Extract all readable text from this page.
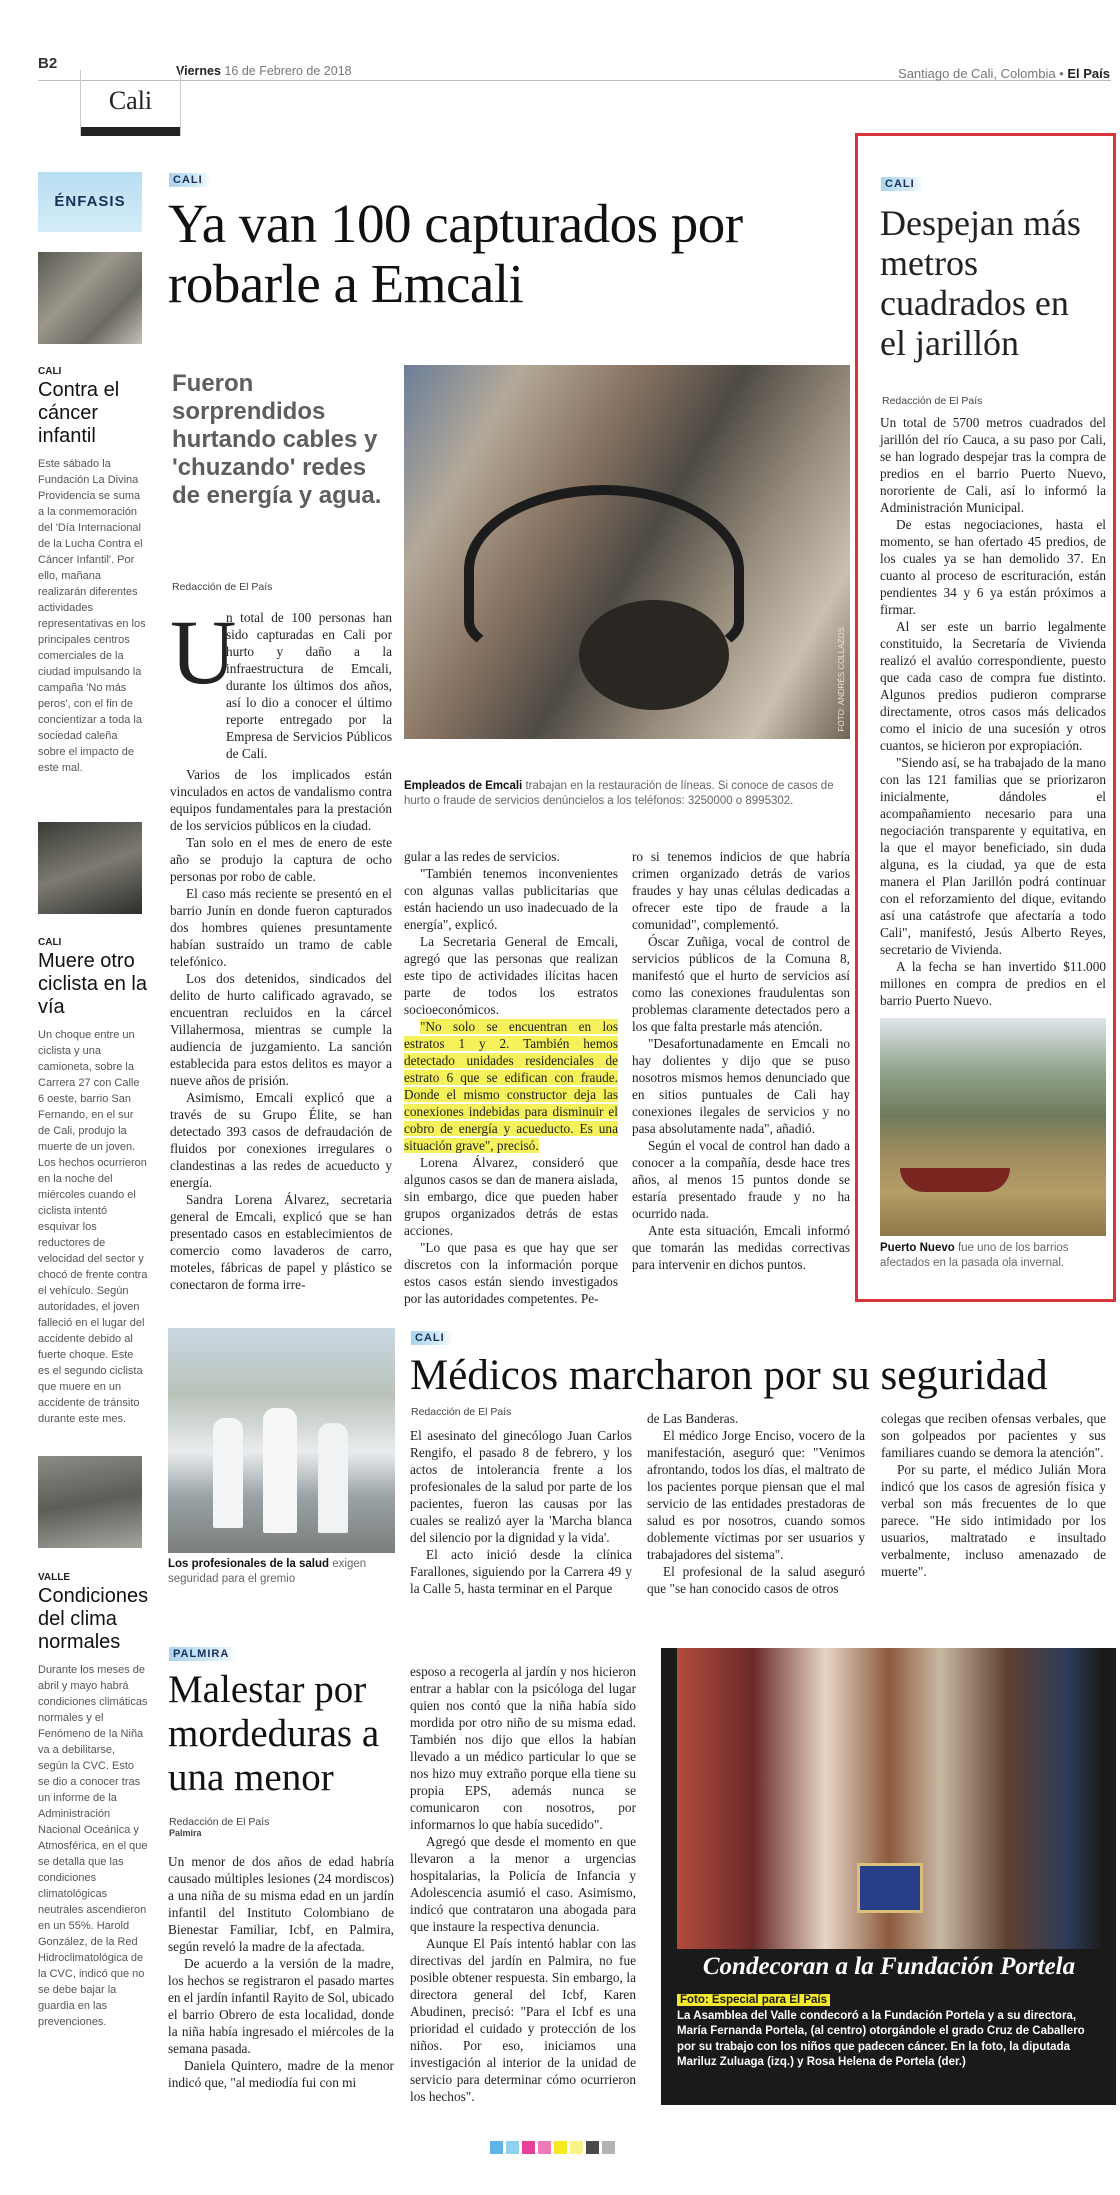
B2	Viernes 16 de Febrero de 2018	Santiago de Cali, Colombia • El País
Cali
ÉNFASIS
CALI
Contra el cáncer infantil
Este sábado la Fundación La Divina Providencia se suma a la conmemoración del 'Día Internacional de la Lucha Contra el Cáncer Infantil'. Por ello, mañana realizarán diferentes actividades representativas en los principales centros comerciales de la ciudad impulsando la campaña 'No más peros', con el fin de concientizar a toda la sociedad caleña sobre el impacto de este mal.
CALI
Muere otro ciclista en la vía
Un choque entre un ciclista y una camioneta, sobre la Carrera 27 con Calle 6 oeste, barrio San Fernando, en el sur de Cali, produjo la muerte de un joven. Los hechos ocurrieron en la noche del miércoles cuando el ciclista intentó esquivar los reductores de velocidad del sector y chocó de frente contra el vehículo. Según autoridades, el joven falleció en el lugar del accidente debido al fuerte choque. Este es el segundo ciclista que muere en un accidente de tránsito durante este mes.
VALLE
Condiciones del clima normales
Durante los meses de abril y mayo habrá condiciones climáticas normales y el Fenómeno de la Niña va a debilitarse, según la CVC. Esto se dio a conocer tras un informe de la Administración Nacional Oceánica y Atmosférica, en el que se detalla que las condiciones climatológicas neutrales ascendieron en un 55%. Harold González, de la Red Hidroclimatológica de la CVC, indicó que no se debe bajar la guardia en las prevenciones.
CALI
Ya van 100 capturados por robarle a Emcali
Fueron sorprendidos hurtando cables y 'chuzando' redes de energía y agua.
Redacción de El País
FOTO: ANDRÉS COLLAZOS
Empleados de Emcali trabajan en la restauración de líneas. Si conoce de casos de hurto o fraude de servicios denúncielos a los teléfonos: 3250000 o 8995302.
U

n total de 100 personas han sido capturadas en Cali por hurto y daño a la infraestructura de Emcali, durante los últimos dos años, así lo dio a conocer el último reporte entregado por la Empresa de Servicios Públicos de Cali.

Varios de los implicados están vinculados en actos de vandalismo contra equipos fundamentales para la prestación de los servicios públicos en la ciudad.

Tan solo en el mes de enero de este año se produjo la captura de ocho personas por robo de cable.

El caso más reciente se presentó en el barrio Junín en donde fueron capturados dos hombres quienes presuntamente habían sustraído un tramo de cable telefónico.

Los dos detenidos, sindicados del delito de hurto calificado agravado, se encuentran recluidos en la cárcel Villahermosa, mientras se cumple la audiencia de juzgamiento. La sanción establecida para estos delitos es mayor a nueve años de prisión.

Asimismo, Emcali explicó que a través de su Grupo Élite, se han detectado 393 casos de defraudación de fluidos por conexiones irregulares o clandestinas a las redes de acueducto y energía.

Sandra Lorena Álvarez, secretaria general de Emcali, explicó que se han presentado casos en establecimientos de comercio como lavaderos de carro, moteles, fábricas de papel y plástico se conectaron de forma irre-

gular a las redes de servicios.

"También tenemos inconvenientes con algunas vallas publicitarias que están haciendo un uso inadecuado de la energía", explicó.

La Secretaria General de Emcali, agregó que las personas que realizan este tipo de actividades ilícitas hacen parte de todos los estratos socioeconómicos.

"No solo se encuentran en los estratos 1 y 2. También hemos detectado unidades residenciales de estrato 6 que se edifican con fraude. Donde el mismo constructor deja las conexiones indebidas para disminuir el cobro de energía y acueducto. Es una situación grave", precisó.

Lorena Álvarez, consideró que algunos casos se dan de manera aislada, sin embargo, dice que pueden haber grupos organizados detrás de estas acciones.

"Lo que pasa es que hay que ser discretos con la información porque estos casos están siendo investigados por las autoridades competentes. Pe-

ro si tenemos indicios de que habría crimen organizado detrás de varios fraudes y hay unas células dedicadas a ofrecer este tipo de fraude a la comunidad", complementó.

Óscar Zuñiga, vocal de control de servicios públicos de la Comuna 8, manifestó que el hurto de servicios así como las conexiones fraudulentas son problemas claramente detectados pero a los que falta prestarle más atención.

"Desafortunadamente en Emcali no hay dolientes y dijo que se puso nosotros mismos hemos denunciado que en sitios puntuales de Cali hay conexiones ilegales de servicios y no pasa absolutamente nada", añadió.

Según el vocal de control han dado a conocer a la compañía, desde hace tres años, al menos 15 puntos donde se estaría presentado fraude y no ha ocurrido nada.

Ante esta situación, Emcali informó que tomarán las medidas correctivas para intervenir en dichos puntos.

CALI
Despejan más metros cuadrados en el jarillón
Redacción de El País

Un total de 5700 metros cuadrados del jarillón del río Cauca, a su paso por Cali, se han logrado despejar tras la compra de predios en el barrio Puerto Nuevo, nororiente de Cali, así lo informó la Administración Municipal.

De estas negociaciones, hasta el momento, se han ofertado 45 predios, de los cuales ya se han demolido 37. En cuanto al proceso de escrituración, están pendientes 34 y 6 ya están próximos a firmar.

Al ser este un barrio legalmente constituido, la Secretaría de Vivienda realizó el avalúo correspondiente, puesto que cada caso de compra fue distinto. Algunos predios pudieron comprarse directamente, otros casos más delicados como el inicio de una sucesión y otros cuantos, se hicieron por expropiación.

"Siendo así, se ha trabajado de la mano con las 121 familias que se priorizaron inicialmente, dándoles el acompañamiento necesario para una negociación transparente y equitativa, en la que el mayor beneficiado, sin duda alguna, es la ciudad, ya que de esta manera el Plan Jarillón podrá continuar con el reforzamiento del dique, evitando así una catástrofe que afectaría a todo Cali", manifestó, Jesús Alberto Reyes, secretario de Vivienda.

A la fecha se han invertido $11.000 millones en compra de predios en el barrio Puerto Nuevo.

Puerto Nuevo fue uno de los barrios afectados en la pasada ola invernal.
Los profesionales de la salud exigen seguridad para el gremio
CALI
Médicos marcharon por su seguridad
Redacción de El País

El asesinato del ginecólogo Juan Carlos Rengifo, el pasado 8 de febrero, y los actos de intolerancia frente a los profesionales de la salud por parte de los pacientes, fueron las causas por las cuales se realizó ayer la 'Marcha blanca del silencio por la dignidad y la vida'.

El acto inició desde la clínica Farallones, siguiendo por la Carrera 49 y la Calle 5, hasta terminar en el Parque

de Las Banderas.

El médico Jorge Enciso, vocero de la manifestación, aseguró que: "Venimos afrontando, todos los días, el maltrato de los pacientes porque piensan que el mal servicio de las entidades prestadoras de salud es por nosotros, cuando somos doblemente víctimas por ser usuarios y trabajadores del sistema".

El profesional de la salud aseguró que "se han conocido casos de otros

colegas que reciben ofensas verbales, que son golpeados por pacientes y sus familiares cuando se demora la atención".

Por su parte, el médico Julián Mora indicó que los casos de agresión física y verbal son más frecuentes de lo que parece. "He sido intimidado por los usuarios, maltratado e insultado verbalmente, incluso amenazado de muerte".

PALMIRA
Malestar por mordeduras a una menor
Redacción de El País
Palmira

Un menor de dos años de edad habría causado múltiples lesiones (24 mordiscos) a una niña de su misma edad en un jardín infantil del Instituto Colombiano de Bienestar Familiar, Icbf, en Palmira, según reveló la madre de la afectada.

De acuerdo a la versión de la madre, los hechos se registraron el pasado martes en el jardín infantil Rayito de Sol, ubicado el barrio Obrero de esta localidad, donde la niña había ingresado el miércoles de la semana pasada.

Daniela Quintero, madre de la menor indicó que, "al mediodía fui con mi

esposo a recogerla al jardín y nos hicieron entrar a hablar con la psicóloga del lugar quien nos contó que la niña había sido mordida por otro niño de su misma edad. También nos dijo que ellos la habían llevado a un médico particular lo que se nos hizo muy extraño porque ella tiene su propia EPS, además nunca se comunicaron con nosotros, por informarnos lo que había sucedido".

Agregó que desde el momento en que llevaron a la menor a urgencias hospitalarias, la Policía de Infancia y Adolescencia asumió el caso. Asimismo, indicó que contrataron una abogada para que instaure la respectiva denuncia.

Aunque El País intentó hablar con las directivas del jardín en Palmira, no fue posible obtener respuesta. Sin embargo, la directora general del Icbf, Karen Abudinen, precisó: "Para el Icbf es una prioridad el cuidado y protección de los niños. Por eso, iniciamos una investigación al interior de la unidad de servicio para determinar cómo ocurrieron los hechos".

Condecoran a la Fundación Portela
Foto: Especial para El País
La Asamblea del Valle condecoró a la Fundación Portela y a su directora, María Fernanda Portela, (al centro) otorgándole el grado Cruz de Caballero por su trabajo con los niños que padecen cáncer. En la foto, la diputada Mariluz Zuluaga (izq.) y Rosa Helena de Portela (der.)
